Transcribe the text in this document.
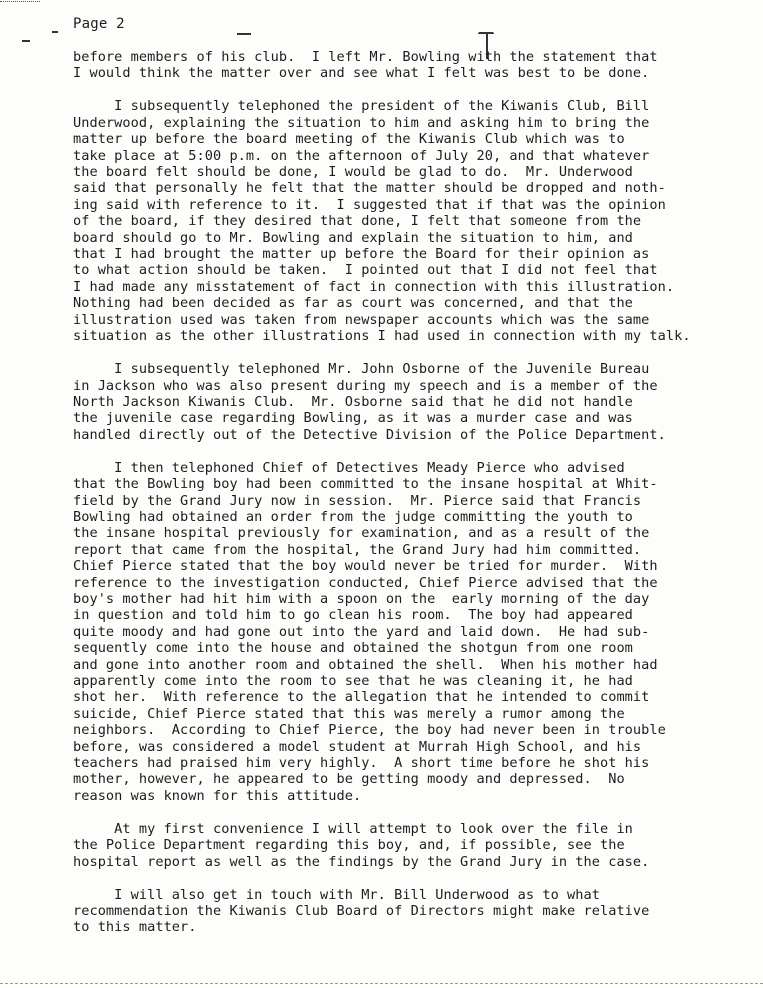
Page 2

before members of his club.  I left Mr. Bowling with the statement that
I would think the matter over and see what I felt was best to be done.

I subsequently telephoned the president of the Kiwanis Club, Bill
Underwood, explaining the situation to him and asking him to bring the
matter up before the board meeting of the Kiwanis Club which was to
take place at 5:00 p.m. on the afternoon of July 20, and that whatever
the board felt should be done, I would be glad to do.  Mr. Underwood
said that personally he felt that the matter should be dropped and noth-
ing said with reference to it.  I suggested that if that was the opinion
of the board, if they desired that done, I felt that someone from the
board should go to Mr. Bowling and explain the situation to him, and
that I had brought the matter up before the Board for their opinion as
to what action should be taken.  I pointed out that I did not feel that
I had made any misstatement of fact in connection with this illustration.
Nothing had been decided as far as court was concerned, and that the
illustration used was taken from newspaper accounts which was the same
situation as the other illustrations I had used in connection with my talk.

I subsequently telephoned Mr. John Osborne of the Juvenile Bureau
in Jackson who was also present during my speech and is a member of the
North Jackson Kiwanis Club.  Mr. Osborne said that he did not handle
the juvenile case regarding Bowling, as it was a murder case and was
handled directly out of the Detective Division of the Police Department.

I then telephoned Chief of Detectives Meady Pierce who advised
that the Bowling boy had been committed to the insane hospital at Whit-
field by the Grand Jury now in session.  Mr. Pierce said that Francis
Bowling had obtained an order from the judge committing the youth to
the insane hospital previously for examination, and as a result of the
report that came from the hospital, the Grand Jury had him committed.
Chief Pierce stated that the boy would never be tried for murder.  With
reference to the investigation conducted, Chief Pierce advised that the
boy's mother had hit him with a spoon on the  early morning of the day
in question and told him to go clean his room.  The boy had appeared
quite moody and had gone out into the yard and laid down.  He had sub-
sequently come into the house and obtained the shotgun from one room
and gone into another room and obtained the shell.  When his mother had
apparently come into the room to see that he was cleaning it, he had
shot her.  With reference to the allegation that he intended to commit
suicide, Chief Pierce stated that this was merely a rumor among the
neighbors.  According to Chief Pierce, the boy had never been in trouble
before, was considered a model student at Murrah High School, and his
teachers had praised him very highly.  A short time before he shot his
mother, however, he appeared to be getting moody and depressed.  No
reason was known for this attitude.

At my first convenience I will attempt to look over the file in
the Police Department regarding this boy, and, if possible, see the
hospital report as well as the findings by the Grand Jury in the case.

I will also get in touch with Mr. Bill Underwood as to what
recommendation the Kiwanis Club Board of Directors might make relative
to this matter.
